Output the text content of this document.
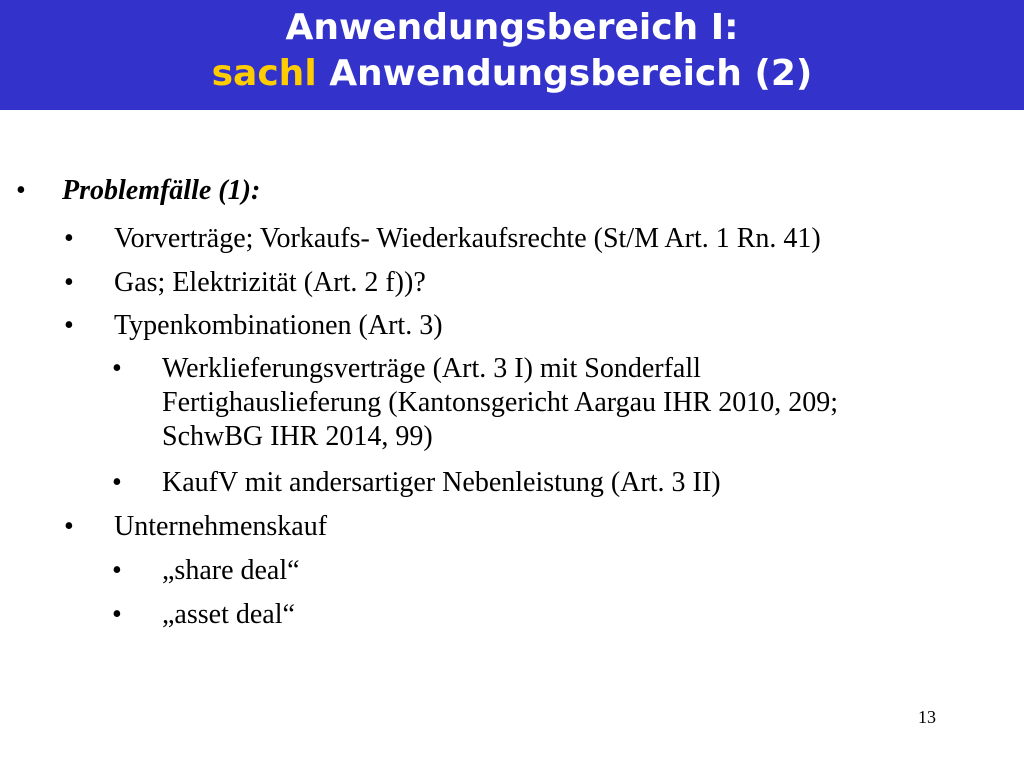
Anwendungsbereich I:
sachl Anwendungsbereich (2)
• Problemfälle (1):
• Vorverträge; Vorkaufs- Wiederkaufsrechte (St/M Art. 1 Rn. 41)
• Gas; Elektrizität (Art. 2 f))?
• Typenkombinationen (Art. 3)
• Werklieferungsverträge (Art. 3 I) mit Sonderfall
Fertighauslieferung (Kantonsgericht Aargau IHR 2010, 209;
SchwBG IHR 2014, 99)
• KaufV mit andersartiger Nebenleistung (Art. 3 II)
• Unternehmenskauf
• „share deal“
• „asset deal“
13
